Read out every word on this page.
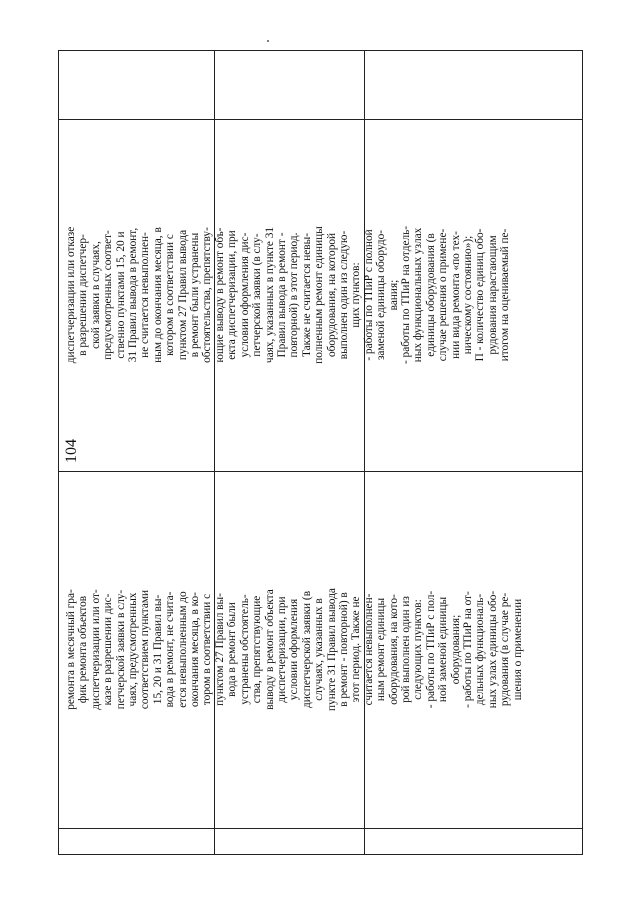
104
ремонта в месячный гра-
фик ремонта объектов
диспетчеризации или от-
казе в разрешении дис-
петчерской заявки в слу-
чаях, предусмотренных
соответствием пунктами
15, 20 и 31 Правил вы-
вода в ремонт, не счита-
ется невыполненным до
окончания месяца, в ко-
тором в соответствии с
пунктом 27 Правил вы-
вода в ремонт были
устранены обстоятель-
ства, препятствующие
выводу в ремонт объекта
диспетчеризации, при
условии оформления
диспетчерской заявки (в
случаях, указанных в
пункте 31 Правил вывода
в ремонт - повторной) в
этот период. Также не
считается невыполнен-
ным ремонт единицы
оборудования, на кото-
рой выполнен один из
следующих пунктов:
- работы по ТПиР с пол-
ной заменой единицы
оборудования;
- работы по ТПиР на от-
дельных функциональ-
ных узлах единицы обо-
рудования (в случае ре-
шения о применении
диспетчеризации или отказе
в разрешении диспетчер-
ской заявки в случаях,
предусмотренных соответ-
ственно пунктами 15, 20 и
31 Правил вывода в ремонт,
не считается невыполнен-
ным до окончания месяца, в
котором в соответствии с
пунктом 27 Правил вывода
в ремонт были устранены
обстоятельства, препятству-
ющие выводу в ремонт объ-
екта диспетчеризации, при
условии оформления дис-
петчерской заявки (в слу-
чаях, указанных в пункте 31
Правил вывода в ремонт -
повторной) в этот период.
Также не считается невы-
полненным ремонт единицы
оборудования, на которой
выполнен один из следую-
щих пунктов:
- работы по ТПиР с полной
заменой единицы оборудо-
вания;
- работы по ТПиР на отдель-
ных функциональных узлах
единицы оборудования (в
случае решения о примене-
нии вида ремонта «по тех-
ническому состоянию»);
П - количество единиц обо-
рудования нарастающим
итогом на оцениваемый пе-
